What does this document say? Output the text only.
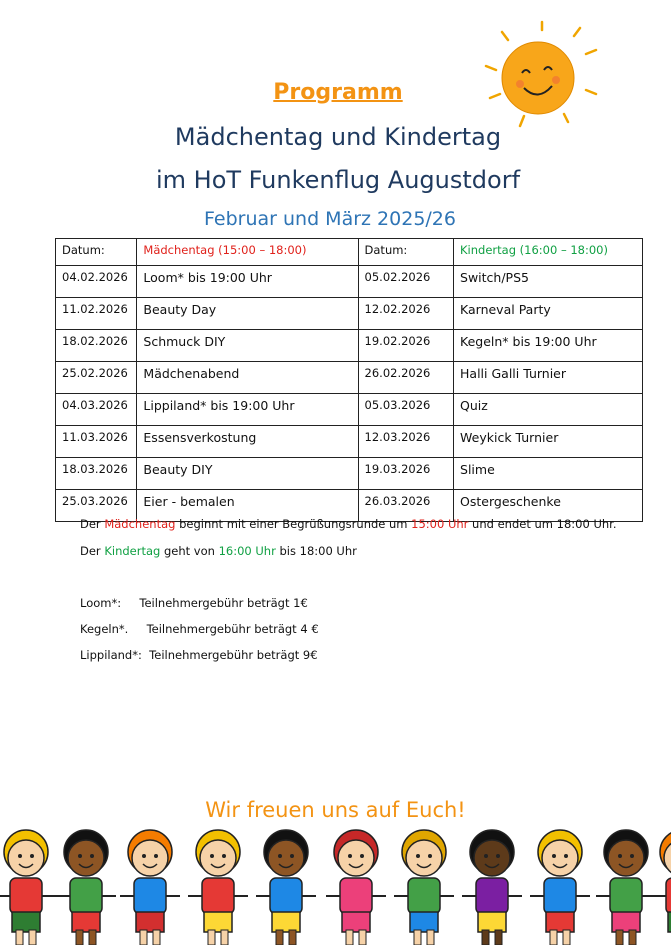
Programm
Mädchentag und Kindertag
im HoT Funkenflug Augustdorf
Februar und März 2025/26
Datum:	Mädchentag (15:00 – 18:00)	Datum:	Kindertag (16:00 – 18:00)
04.02.2026	Loom* bis 19:00 Uhr	05.02.2026	Switch/PS5
11.02.2026	Beauty Day	12.02.2026	Karneval Party
18.02.2026	Schmuck DIY	19.02.2026	Kegeln* bis 19:00 Uhr
25.02.2026	Mädchenabend	26.02.2026	Halli Galli Turnier
04.03.2026	Lippiland* bis 19:00 Uhr	05.03.2026	Quiz
11.03.2026	Essensverkostung	12.03.2026	Weykick Turnier
18.03.2026	Beauty DIY	19.03.2026	Slime
25.03.2026	Eier - bemalen	26.03.2026	Ostergeschenke
Der Mädchentag beginnt mit einer Begrüßungsrunde um 15:00 Uhr und endet um 18:00 Uhr.
Der Kindertag geht von 16:00 Uhr bis 18:00 Uhr
Loom*: Teilnehmergebühr beträgt 1€
Kegeln*. Teilnehmergebühr beträgt 4 €
Lippiland*: Teilnehmergebühr beträgt 9€
Wir freuen uns auf Euch!
